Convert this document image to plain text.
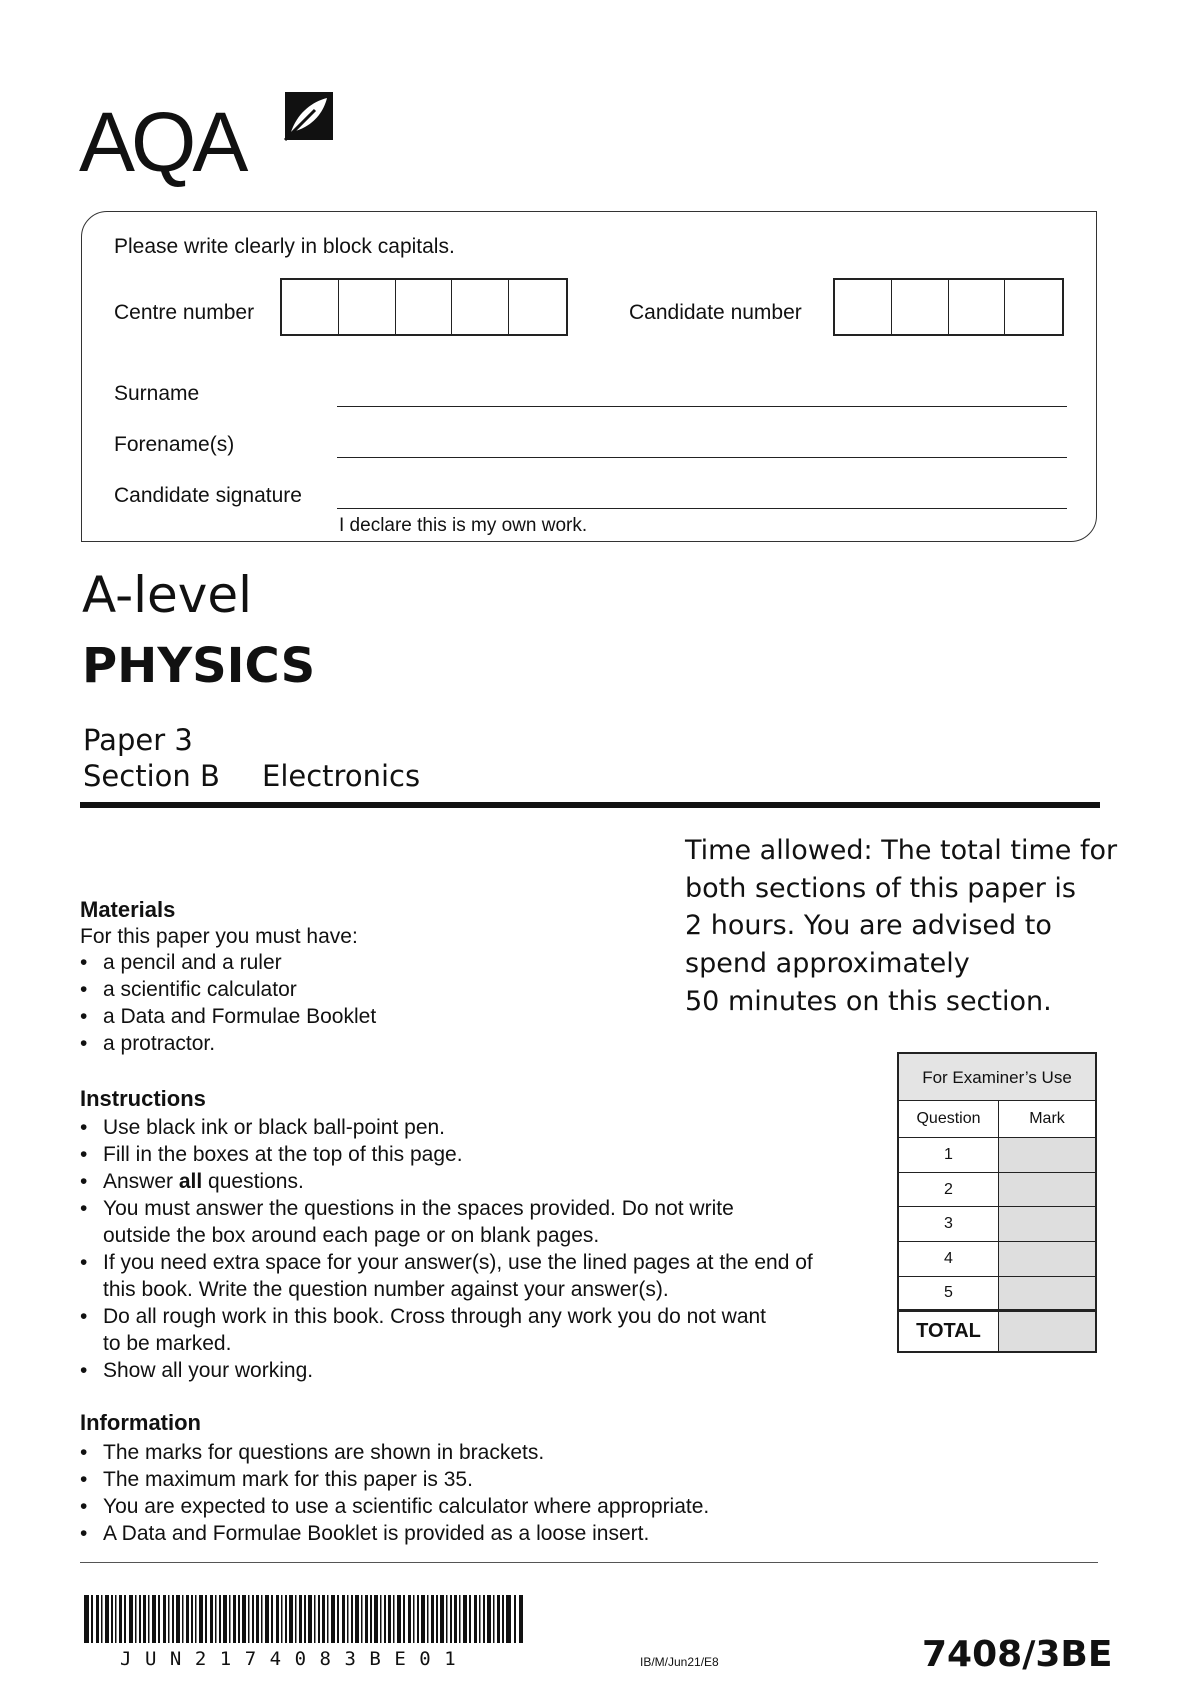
AQA
Please write clearly in block capitals.
Centre number	Candidate number
Surname
Forename(s)
Candidate signature
I declare this is my own work.
A-level
PHYSICS
Paper 3
Section B Electronics
Time allowed: The total time for
both sections of this paper is
2 hours. You are advised to
spend approximately
50 minutes on this section.
Materials
For this paper you must have:
• a pencil and a ruler
• a scientific calculator
• a Data and Formulae Booklet
• a protractor.
Instructions
• Use black ink or black ball-point pen.
• Fill in the boxes at the top of this page.
• Answer all questions.
• You must answer the questions in the spaces provided. Do not write
outside the box around each page or on blank pages.
• If you need extra space for your answer(s), use the lined pages at the end of
this book. Write the question number against your answer(s).
• Do all rough work in this book. Cross through any work you do not want
to be marked.
• Show all your working.
Information
• The marks for questions are shown in brackets.
• The maximum mark for this paper is 35.
• You are expected to use a scientific calculator where appropriate.
• A Data and Formulae Booklet is provided as a loose insert.
For Examiner’s Use
Question	Mark
1
2
3
4
5
TOTAL
JUN2174083BE01	IB/M/Jun21/E8	7408/3BE
